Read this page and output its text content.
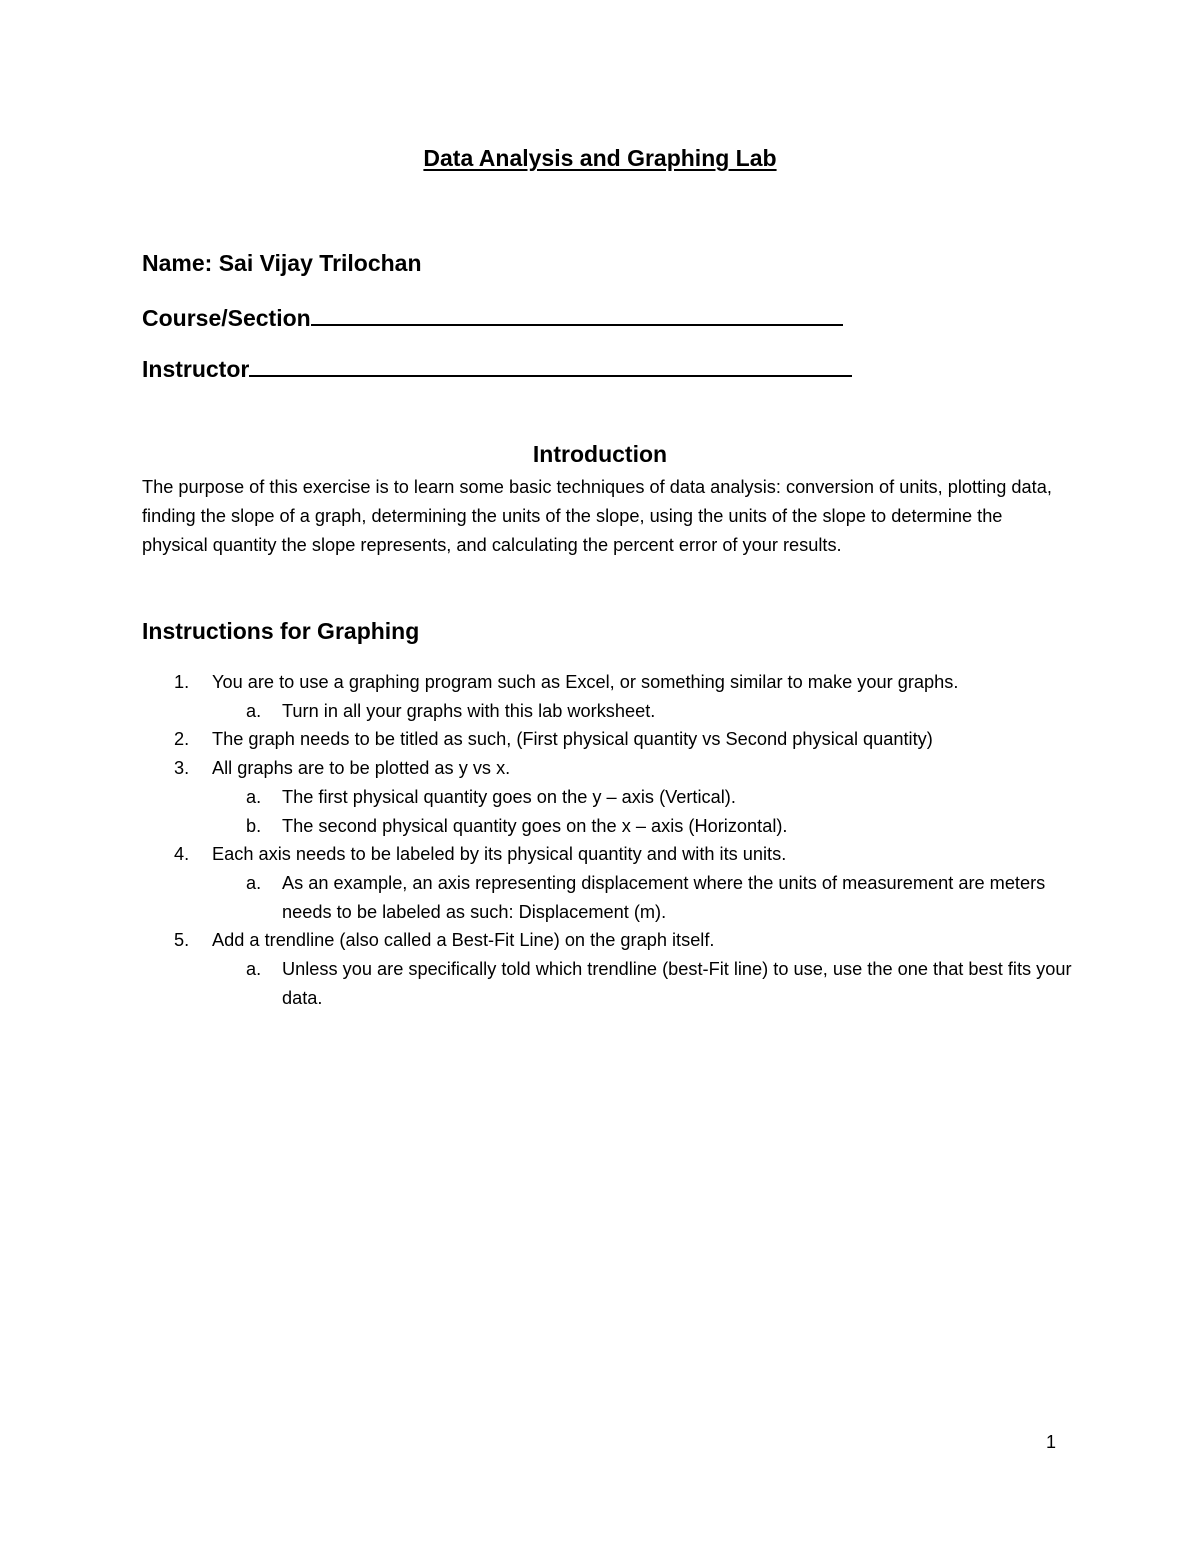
Data Analysis and Graphing Lab
Name: Sai Vijay Trilochan
Course/Section
Instructor
Introduction
The purpose of this exercise is to learn some basic techniques of data analysis: conversion of units, plotting data, finding the slope of a graph, determining the units of the slope, using the units of the slope to determine the physical quantity the slope represents, and calculating the percent error of your results.
Instructions for Graphing
1.	You are to use a graphing program such as Excel, or something similar to make your graphs.
a.	Turn in all your graphs with this lab worksheet.
2.	The graph needs to be titled as such, (First physical quantity vs Second physical quantity)
3.	All graphs are to be plotted as y vs x.
a.	The first physical quantity goes on the y – axis (Vertical).
b.	The second physical quantity goes on the x – axis (Horizontal).
4.	Each axis needs to be labeled by its physical quantity and with its units.
a.	As an example, an axis representing displacement where the units of measurement are meters needs to be labeled as such: Displacement (m).
5.	Add a trendline (also called a Best-Fit Line) on the graph itself.
a.	Unless you are specifically told which trendline (best-Fit line) to use, use the one that best fits your data.
1
